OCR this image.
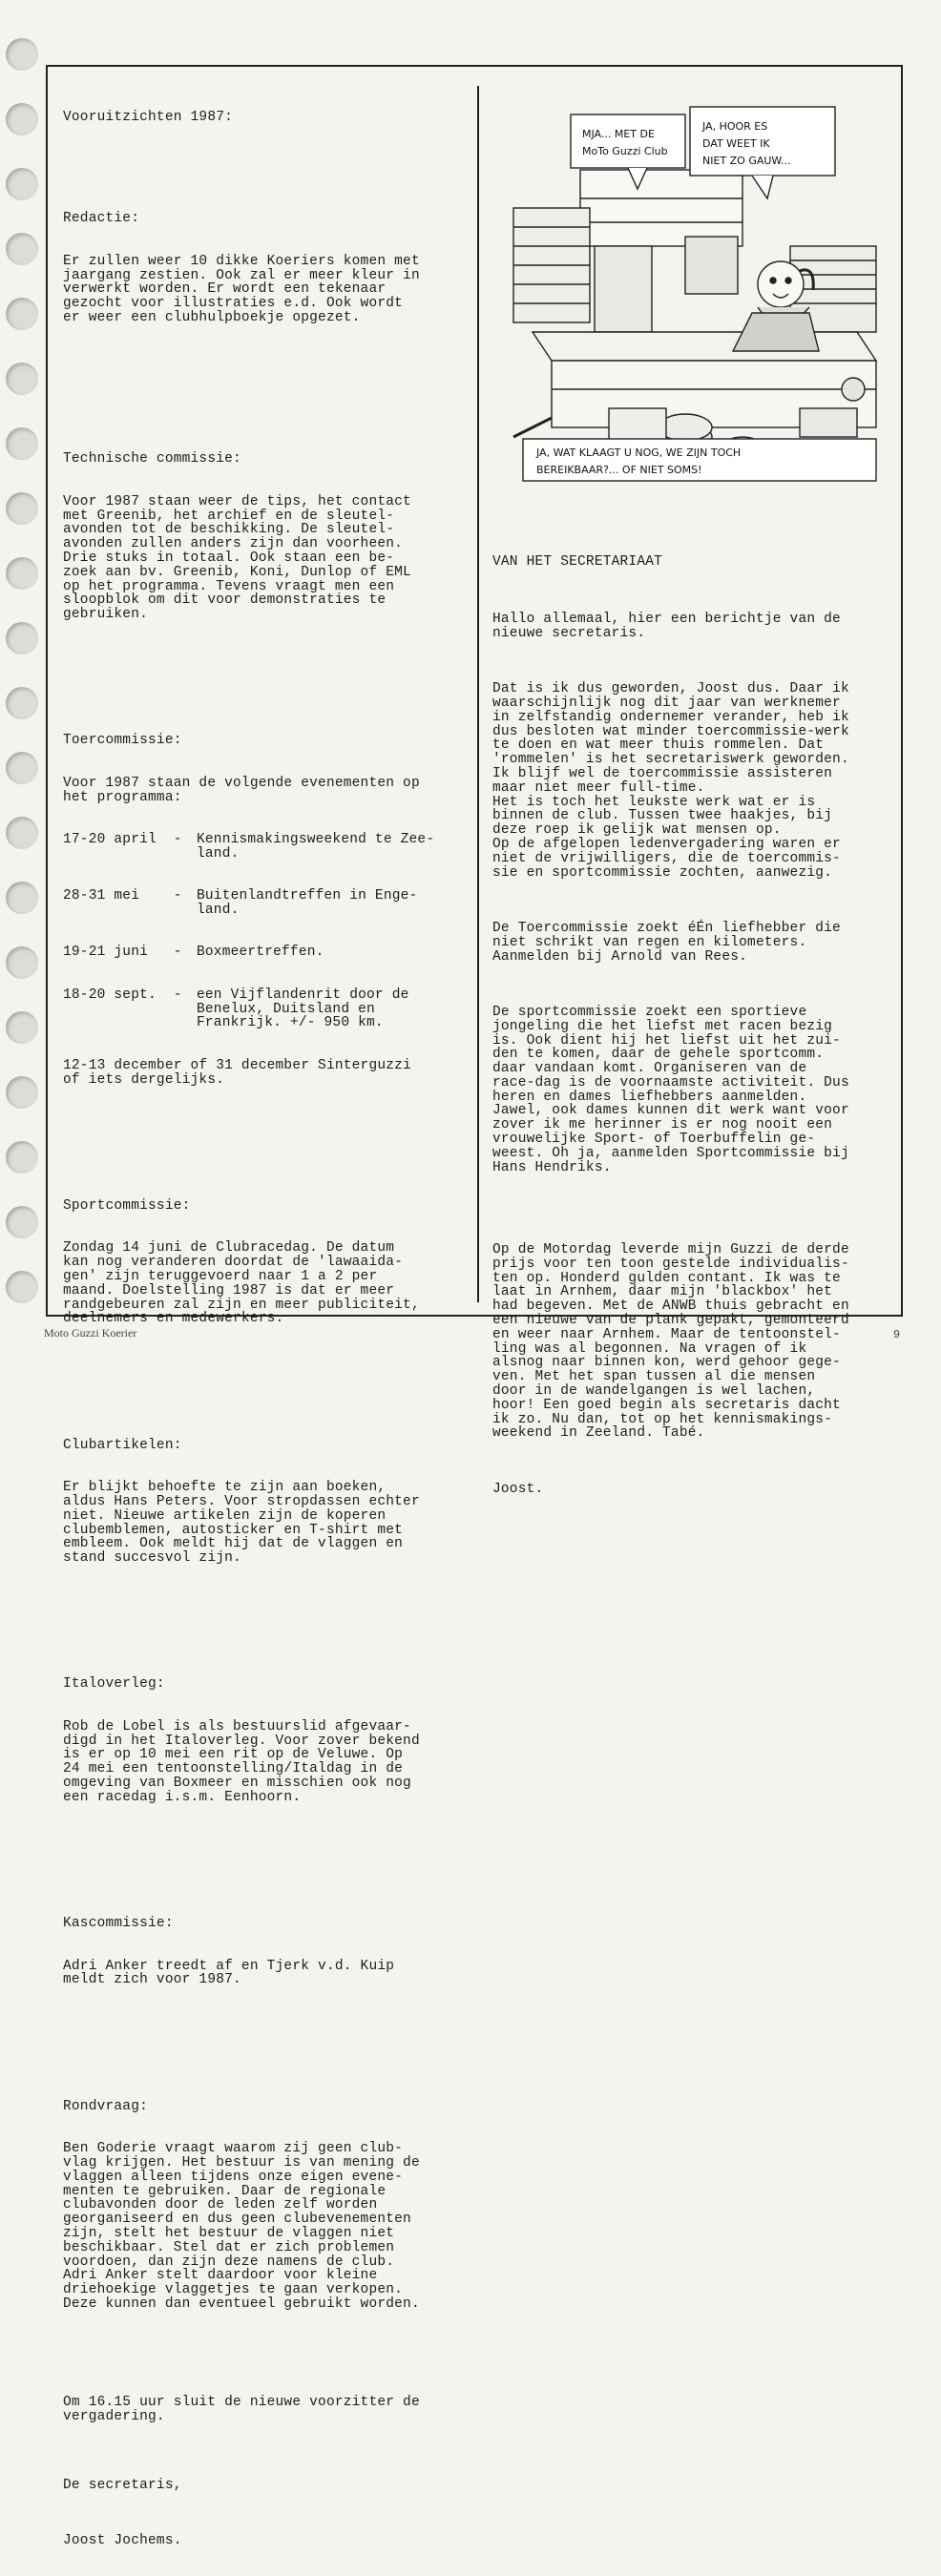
Vooruitzichten 1987:

Redactie:

Er zullen weer 10 dikke Koeriers komen met
jaargang zestien. Ook zal er meer kleur in
verwerkt worden. Er wordt een tekenaar
gezocht voor illustraties e.d. Ook wordt
er weer een clubhulpboekje opgezet.

Technische commissie:

Voor 1987 staan weer de tips, het contact
met Greenib, het archief en de sleutel-
avonden tot de beschikking. De sleutel-
avonden zullen anders zijn dan voorheen.
Drie stuks in totaal. Ook staan een be-
zoek aan bv. Greenib, Koni, Dunlop of EML
op het programma. Tevens vraagt men een
sloopblok om dit voor demonstraties te
gebruiken.

Toercommissie:

Voor 1987 staan de volgende evenementen op
het programma:

17-20 april  -	Kennismakingsweekend te Zee-
land.

28-31 mei    -	Buitenlandtreffen in Enge-
land.

19-21 juni   -	Boxmeertreffen.

18-20 sept.  -	een Vijflandenrit door de
Benelux, Duitsland en
Frankrijk. +/- 950 km.

12-13 december of 31 december Sinterguzzi
of iets dergelijks.

Sportcommissie:

Zondag 14 juni de Clubracedag. De datum
kan nog veranderen doordat de 'lawaaida-
gen' zijn teruggevoerd naar 1 a 2 per
maand. Doelstelling 1987 is dat er meer
randgebeuren zal zijn en meer publiciteit,
deelnemers en medewerkers.

Clubartikelen:

Er blijkt behoefte te zijn aan boeken,
aldus Hans Peters. Voor stropdassen echter
niet. Nieuwe artikelen zijn de koperen
clubemblemen, autosticker en T-shirt met
embleem. Ook meldt hij dat de vlaggen en
stand succesvol zijn.

Italoverleg:

Rob de Lobel is als bestuurslid afgevaar-
digd in het Italoverleg. Voor zover bekend
is er op 10 mei een rit op de Veluwe. Op
24 mei een tentoonstelling/Italdag in de
omgeving van Boxmeer en misschien ook nog
een racedag i.s.m. Eenhoorn.

Kascommissie:

Adri Anker treedt af en Tjerk v.d. Kuip
meldt zich voor 1987.

Rondvraag:

Ben Goderie vraagt waarom zij geen club-
vlag krijgen. Het bestuur is van mening de
vlaggen alleen tijdens onze eigen evene-
menten te gebruiken. Daar de regionale
clubavonden door de leden zelf worden
georganiseerd en dus geen clubevenementen
zijn, stelt het bestuur de vlaggen niet
beschikbaar. Stel dat er zich problemen
voordoen, dan zijn deze namens de club.
Adri Anker stelt daardoor voor kleine
driehoekige vlaggetjes te gaan verkopen.
Deze kunnen dan eventueel gebruikt worden.

Om 16.15 uur sluit de nieuwe voorzitter de
vergadering.

De secretaris,

Joost Jochems.

MJA... MET DE
MoTo Guzzi Club
JA, HOOR ES
DAT WEET IK
NIET ZO GAUW...
JA, WAT KLAAGT U NOG, WE ZIJN TOCH
BEREIKBAAR?... OF NIET SOMS!

VAN HET SECRETARIAAT

Hallo allemaal, hier een berichtje van de
nieuwe secretaris.

Dat is ik dus geworden, Joost dus. Daar ik
waarschijnlijk nog dit jaar van werknemer
in zelfstandig ondernemer verander, heb ik
dus besloten wat minder toercommissie-werk
te doen en wat meer thuis rommelen. Dat
'rommelen' is het secretariswerk geworden.
Ik blijf wel de toercommissie assisteren
maar niet meer full-time.
Het is toch het leukste werk wat er is
binnen de club. Tussen twee haakjes, bij
deze roep ik gelijk wat mensen op.
Op de afgelopen ledenvergadering waren er
niet de vrijwilligers, die de toercommis-
sie en sportcommissie zochten, aanwezig.

De Toercommissie zoekt éÉn liefhebber die
niet schrikt van regen en kilometers.
Aanmelden bij Arnold van Rees.

De sportcommissie zoekt een sportieve
jongeling die het liefst met racen bezig
is. Ook dient hij het liefst uit het zui-
den te komen, daar de gehele sportcomm.
daar vandaan komt. Organiseren van de
race-dag is de voornaamste activiteit. Dus
heren en dames liefhebbers aanmelden.
Jawel, ook dames kunnen dit werk want voor
zover ik me herinner is er nog nooit een
vrouwelijke Sport- of Toerbuffelin ge-
weest. Oh ja, aanmelden Sportcommissie bij
Hans Hendriks.

Op de Motordag leverde mijn Guzzi de derde
prijs voor ten toon gestelde individualis-
ten op. Honderd gulden contant. Ik was te
laat in Arnhem, daar mijn 'blackbox' het
had begeven. Met de ANWB thuis gebracht en
een nieuwe van de plank gepakt, gemonteerd
en weer naar Arnhem. Maar de tentoonstel-
ling was al begonnen. Na vragen of ik
alsnog naar binnen kon, werd gehoor gege-
ven. Met het span tussen al die mensen
door in de wandelgangen is wel lachen,
hoor! Een goed begin als secretaris dacht
ik zo. Nu dan, tot op het kennismakings-
weekend in Zeeland. Tabé.

Joost.

Moto Guzzi Koerier	9
